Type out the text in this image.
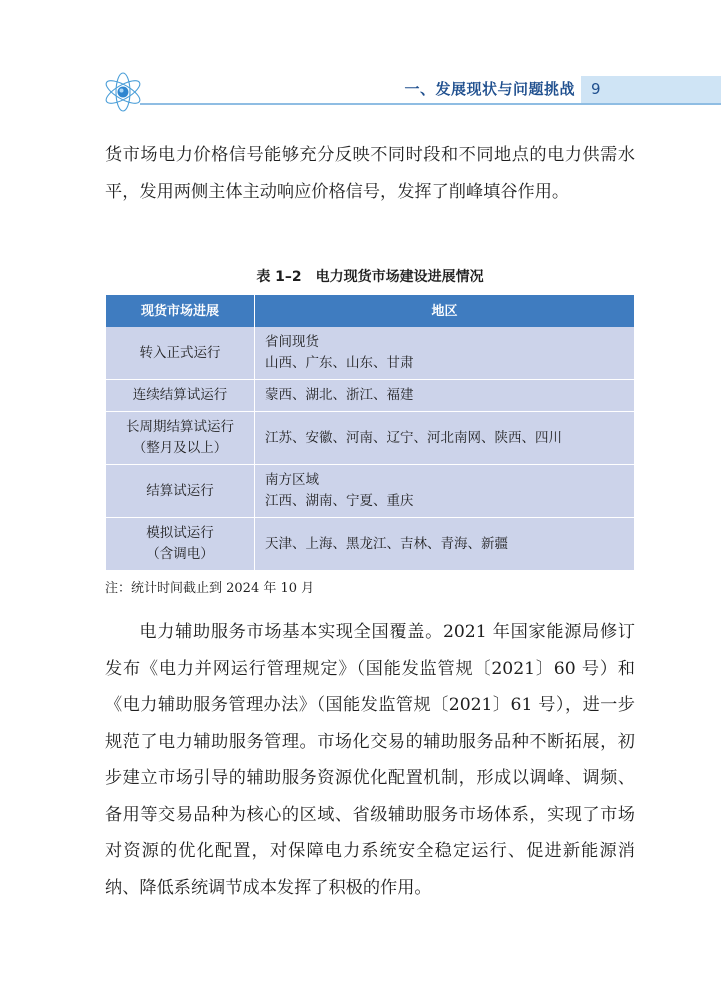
一、发展现状与问题挑战 9

货市场电力价格信号能够充分反映不同时段和不同地点的电力供需水平，发用两侧主体主动响应价格信号，发挥了削峰填谷作用。

表 1–2　电力现货市场建设进展情况
现货市场进展	地区

转入正式运行	省间现货
山西、广东、山东、甘肃

连续结算试运行	蒙西、湖北、浙江、福建

长周期结算试运行
（整月及以上）	江苏、安徽、河南、辽宁、河北南网、陕西、四川

结算试运行	南方区域
江西、湖南、宁夏、重庆

模拟试运行
（含调电）	天津、上海、黑龙江、吉林、青海、新疆
注：统计时间截止到 2024 年 10 月

电力辅助服务市场基本实现全国覆盖。2021 年国家能源局修订发布《电力并网运行管理规定》（国能发监管规〔2021〕60 号）和《电力辅助服务管理办法》（国能发监管规〔2021〕61 号），进一步规范了电力辅助服务管理。市场化交易的辅助服务品种不断拓展，初步建立市场引导的辅助服务资源优化配置机制，形成以调峰、调频、备用等交易品种为核心的区域、省级辅助服务市场体系，实现了市场对资源的优化配置，对保障电力系统安全稳定运行、促进新能源消纳、降低系统调节成本发挥了积极的作用。
